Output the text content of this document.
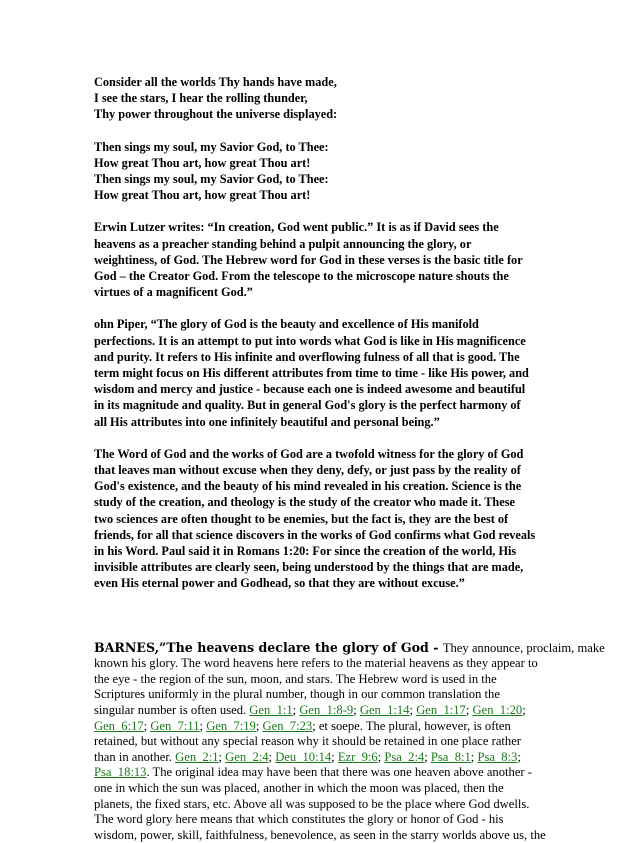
Consider all the worlds Thy hands have made,
I see the stars, I hear the rolling thunder,
Thy power throughout the universe displayed:

Then sings my soul, my Savior God, to Thee:
How great Thou art, how great Thou art!
Then sings my soul, my Savior God, to Thee:
How great Thou art, how great Thou art!

Erwin Lutzer writes: “In creation, God went public.” It is as if David sees the
heavens as a preacher standing behind a pulpit announcing the glory, or
weightiness, of God. The Hebrew word for God in these verses is the basic title for
God – the Creator God. From the telescope to the microscope nature shouts the
virtues of a magnificent God.”

ohn Piper, “The glory of God is the beauty and excellence of His manifold
perfections. It is an attempt to put into words what God is like in His magnificence
and purity. It refers to His infinite and overflowing fulness of all that is good. The
term might focus on His different attributes from time to time - like His power, and
wisdom and mercy and justice - because each one is indeed awesome and beautiful
in its magnitude and quality. But in general God's glory is the perfect harmony of
all His attributes into one infinitely beautiful and personal being.”

The Word of God and the works of God are a twofold witness for the glory of God
that leaves man without excuse when they deny, defy, or just pass by the reality of
God's existence, and the beauty of his mind revealed in his creation. Science is the
study of the creation, and theology is the study of the creator who made it. These
two sciences are often thought to be enemies, but the fact is, they are the best of
friends, for all that science discovers in the works of God confirms what God reveals
in his Word. Paul said it in Romans 1:20: For since the creation of the world, His
invisible attributes are clearly seen, being understood by the things that are made,
even His eternal power and Godhead, so that they are without excuse.”

BARNES,”The heavens declare the glory of God - They announce, proclaim, make
known his glory. The word heavens here refers to the material heavens as they appear to
the eye - the region of the sun, moon, and stars. The Hebrew word is used in the
Scriptures uniformly in the plural number, though in our common translation the
singular number is often used. Gen_1:1; Gen_1:8-9; Gen_1:14; Gen_1:17; Gen_1:20;
Gen_6:17; Gen_7:11; Gen_7:19; Gen_7:23; et soepe. The plural, however, is often
retained, but without any special reason why it should be retained in one place rather
than in another. Gen_2:1; Gen_2:4; Deu_10:14; Ezr_9:6; Psa_2:4; Psa_8:1; Psa_8:3;
Psa_18:13. The original idea may have been that there was one heaven above another -
one in which the sun was placed, another in which the moon was placed, then the
planets, the fixed stars, etc. Above all was supposed to be the place where God dwells.
The word glory here means that which constitutes the glory or honor of God - his
wisdom, power, skill, faithfulness, benevolence, as seen in the starry worlds above us, the
